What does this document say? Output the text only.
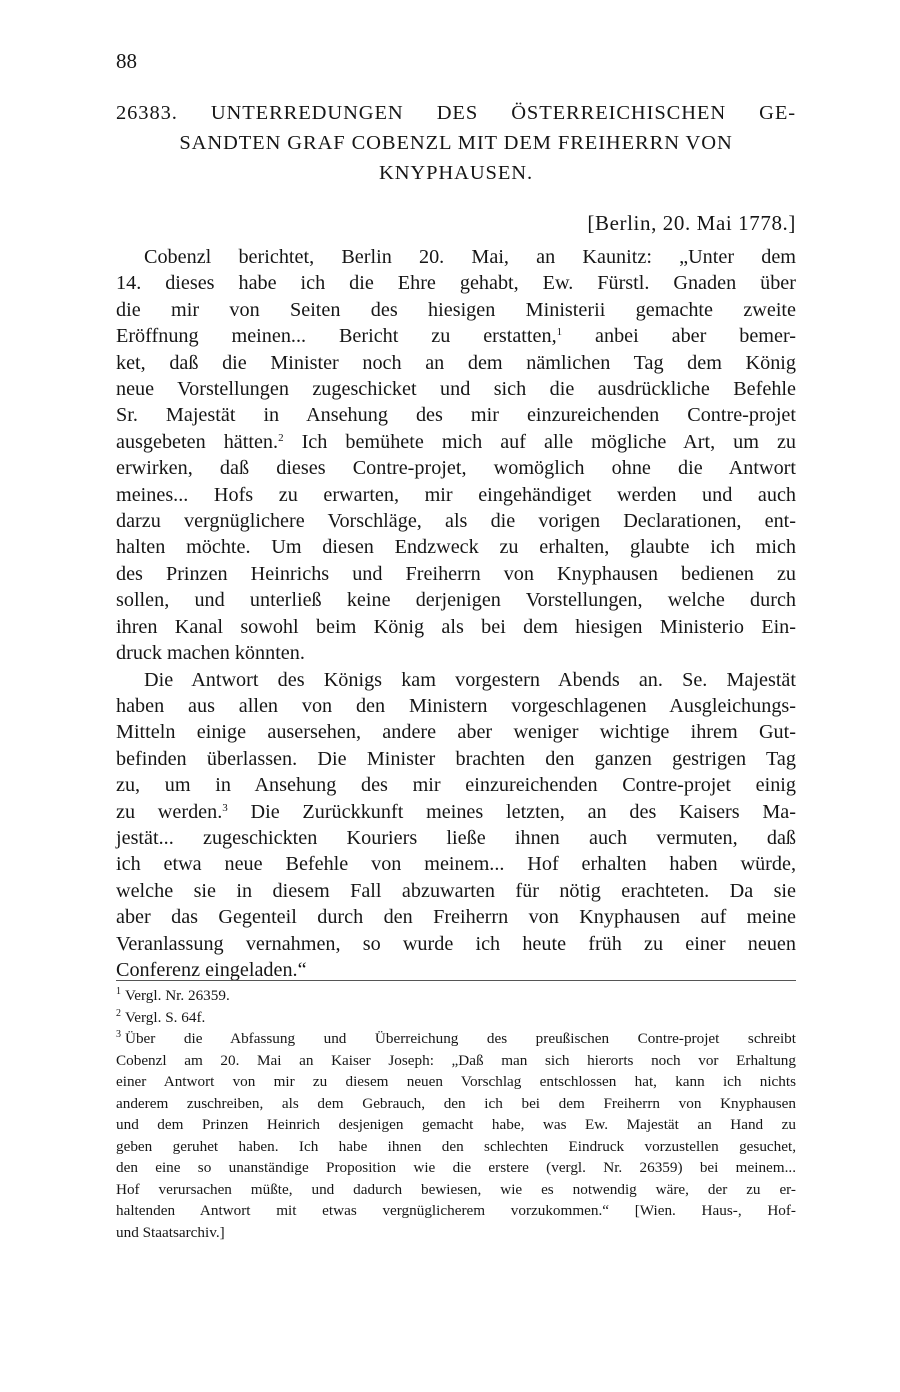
88
26383. UNTERREDUNGEN DES ÖSTERREICHISCHEN GE-
SANDTEN GRAF COBENZL MIT DEM FREIHERRN VON
KNYPHAUSEN.
[Berlin, 20. Mai 1778.]
Cobenzl berichtet, Berlin 20. Mai, an Kaunitz: „Unter dem
14. dieses habe ich die Ehre gehabt, Ew. Fürstl. Gnaden über
die mir von Seiten des hiesigen Ministerii gemachte zweite
Eröffnung meinen... Bericht zu erstatten,$^1$ anbei aber bemer-
ket, daß die Minister noch an dem nämlichen Tag dem König
neue Vorstellungen zugeschicket und sich die ausdrückliche Befehle
Sr. Majestät in Ansehung des mir einzureichenden Contre-projet
ausgebeten hätten.$^2$ Ich bemühete mich auf alle mögliche Art, um zu
erwirken, daß dieses Contre-projet, womöglich ohne die Antwort
meines... Hofs zu erwarten, mir eingehändiget werden und auch
darzu vergnüglichere Vorschläge, als die vorigen Declarationen, ent-
halten möchte. Um diesen Endzweck zu erhalten, glaubte ich mich
des Prinzen Heinrichs und Freiherrn von Knyphausen bedienen zu
sollen, und unterließ keine derjenigen Vorstellungen, welche durch
ihren Kanal sowohl beim König als bei dem hiesigen Ministerio Ein-
druck machen könnten.
Die Antwort des Königs kam vorgestern Abends an. Se. Majestät
haben aus allen von den Ministern vorgeschlagenen Ausgleichungs-
Mitteln einige ausersehen, andere aber weniger wichtige ihrem Gut-
befinden überlassen. Die Minister brachten den ganzen gestrigen Tag
zu, um in Ansehung des mir einzureichenden Contre-projet einig
zu werden.$^3$ Die Zurückkunft meines letzten, an des Kaisers Ma-
jestät... zugeschickten Kouriers ließe ihnen auch vermuten, daß
ich etwa neue Befehle von meinem... Hof erhalten haben würde,
welche sie in diesem Fall abzuwarten für nötig erachteten. Da sie
aber das Gegenteil durch den Freiherrn von Knyphausen auf meine
Veranlassung vernahmen, so wurde ich heute früh zu einer neuen
Conferenz eingeladen.“
$^1$ Vergl. Nr. 26359.
$^2$ Vergl. S. 64f.
$^3$ Über die Abfassung und Überreichung des preußischen Contre-projet schreibt
Cobenzl am 20. Mai an Kaiser Joseph: „Daß man sich hierorts noch vor Erhaltung
einer Antwort von mir zu diesem neuen Vorschlag entschlossen hat, kann ich nichts
anderem zuschreiben, als dem Gebrauch, den ich bei dem Freiherrn von Knyphausen
und dem Prinzen Heinrich desjenigen gemacht habe, was Ew. Majestät an Hand zu
geben geruhet haben. Ich habe ihnen den schlechten Eindruck vorzustellen gesuchet,
den eine so unanständige Proposition wie die erstere (vergl. Nr. 26359) bei meinem...
Hof verursachen müßte, und dadurch bewiesen, wie es notwendig wäre, der zu er-
haltenden Antwort mit etwas vergnüglicherem vorzukommen.“ [Wien. Haus-, Hof-
und Staatsarchiv.]
